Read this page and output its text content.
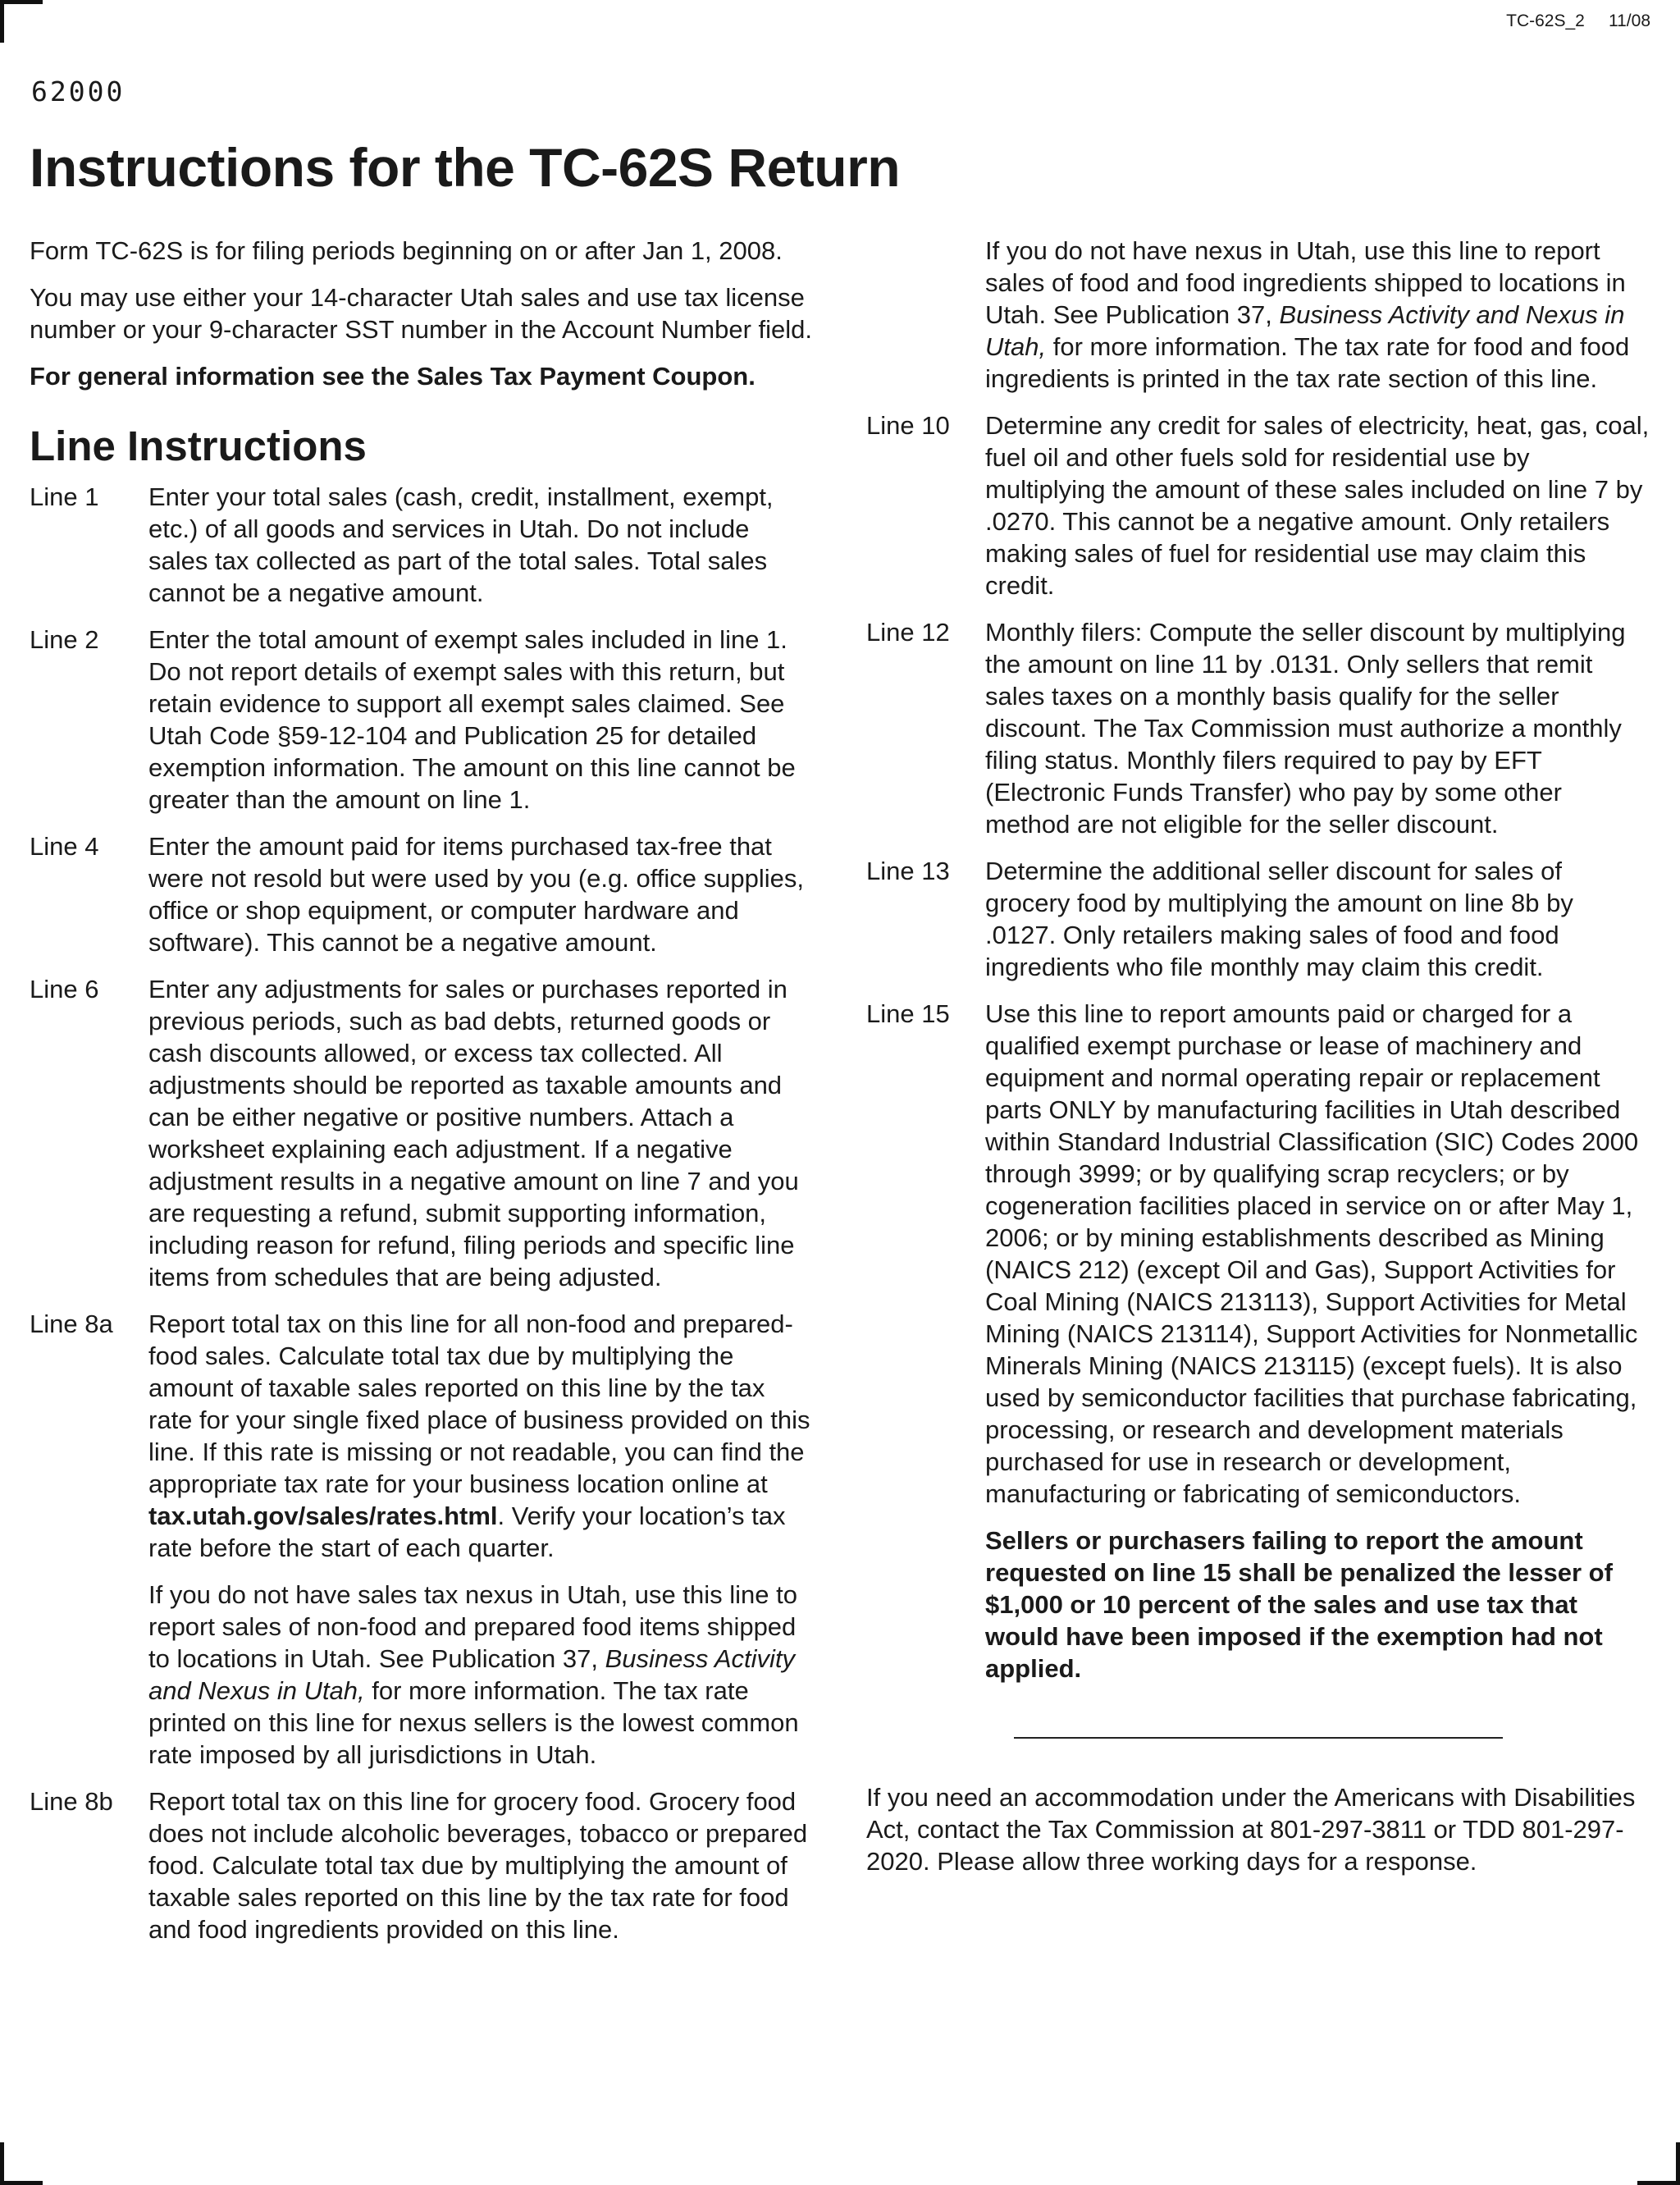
TC-62S_2     11/08
62000
Instructions for the TC-62S Return

Form TC-62S is for filing periods beginning on or after Jan 1, 2008.

You may use either your 14-character Utah sales and use tax license number or your 9-character SST number in the Account Number field.

For general information see the Sales Tax Payment Coupon.

Line Instructions
Line 1	Enter your total sales (cash, credit, installment, exempt, etc.) of all goods and services in Utah. Do not include sales tax collected as part of the total sales. Total sales cannot be a negative amount.
Line 2	Enter the total amount of exempt sales included in line 1. Do not report details of exempt sales with this return, but retain evidence to support all exempt sales claimed. See Utah Code §59-12-104 and Publication 25 for detailed exemption information. The amount on this line cannot be greater than the amount on line 1.
Line 4	Enter the amount paid for items purchased tax-free that were not resold but were used by you (e.g. office supplies, office or shop equipment, or computer hardware and software). This cannot be a negative amount.
Line 6	Enter any adjustments for sales or purchases reported in previous periods, such as bad debts, returned goods or cash discounts allowed, or excess tax collected. All adjustments should be reported as taxable amounts and can be either negative or positive numbers. Attach a worksheet explaining each adjustment. If a negative adjustment results in a negative amount on line 7 and you are requesting a refund, submit supporting information, including reason for refund, filing periods and specific line items from schedules that are being adjusted.
Line 8a	Report total tax on this line for all non-food and prepared-food sales. Calculate total tax due by multiplying the amount of taxable sales reported on this line by the tax rate for your single fixed place of business provided on this line. If this rate is missing or not readable, you can find the appropriate tax rate for your business location online at tax.utah.gov/sales/rates.html. Verify your location’s tax rate before the start of each quarter.

If you do not have sales tax nexus in Utah, use this line to report sales of non-food and prepared food items shipped to locations in Utah. See Publication 37, Business Activity and Nexus in Utah, for more information. The tax rate printed on this line for nexus sellers is the lowest common rate imposed by all jurisdictions in Utah.

Line 8b	Report total tax on this line for grocery food. Grocery food does not include alcoholic beverages, tobacco or prepared food. Calculate total tax due by multiplying the amount of taxable sales reported on this line by the tax rate for food and food ingredients provided on this line.

If you do not have nexus in Utah, use this line to report sales of food and food ingredients shipped to locations in Utah. See Publication 37, Business Activity and Nexus in Utah, for more information. The tax rate for food and food ingredients is printed in the tax rate section of this line.

Line 10	Determine any credit for sales of electricity, heat, gas, coal, fuel oil and other fuels sold for residential use by multiplying the amount of these sales included on line 7 by .0270. This cannot be a negative amount. Only retailers making sales of fuel for residential use may claim this credit.
Line 12	Monthly filers: Compute the seller discount by multiplying the amount on line 11 by .0131. Only sellers that remit sales taxes on a monthly basis qualify for the seller discount. The Tax Commission must authorize a monthly filing status. Monthly filers required to pay by EFT (Electronic Funds Transfer) who pay by some other method are not eligible for the seller discount.
Line 13	Determine the additional seller discount for sales of grocery food by multiplying the amount on line 8b by .0127. Only retailers making sales of food and food ingredients who file monthly may claim this credit.
Line 15	Use this line to report amounts paid or charged for a qualified exempt purchase or lease of machinery and equipment and normal operating repair or replacement parts ONLY by manufacturing facilities in Utah described within Standard Industrial Classification (SIC) Codes 2000 through 3999; or by qualifying scrap recyclers; or by cogeneration facilities placed in service on or after May 1, 2006; or by mining establishments described as Mining (NAICS 212) (except Oil and Gas), Support Activities for Coal Mining (NAICS 213113), Support Activities for Metal Mining (NAICS 213114), Support Activities for Nonmetallic Minerals Mining (NAICS 213115) (except fuels). It is also used by semiconductor facilities that purchase fabricating, processing, or research and development materials purchased for use in research or development, manufacturing or fabricating of semiconductors.

Sellers or purchasers failing to report the amount requested on line 15 shall be penalized the lesser of $1,000 or 10 percent of the sales and use tax that would have been imposed if the exemption had not applied.

If you need an accommodation under the Americans with Disabilities Act, contact the Tax Commission at 801-297-3811 or TDD 801-297-2020. Please allow three working days for a response.
